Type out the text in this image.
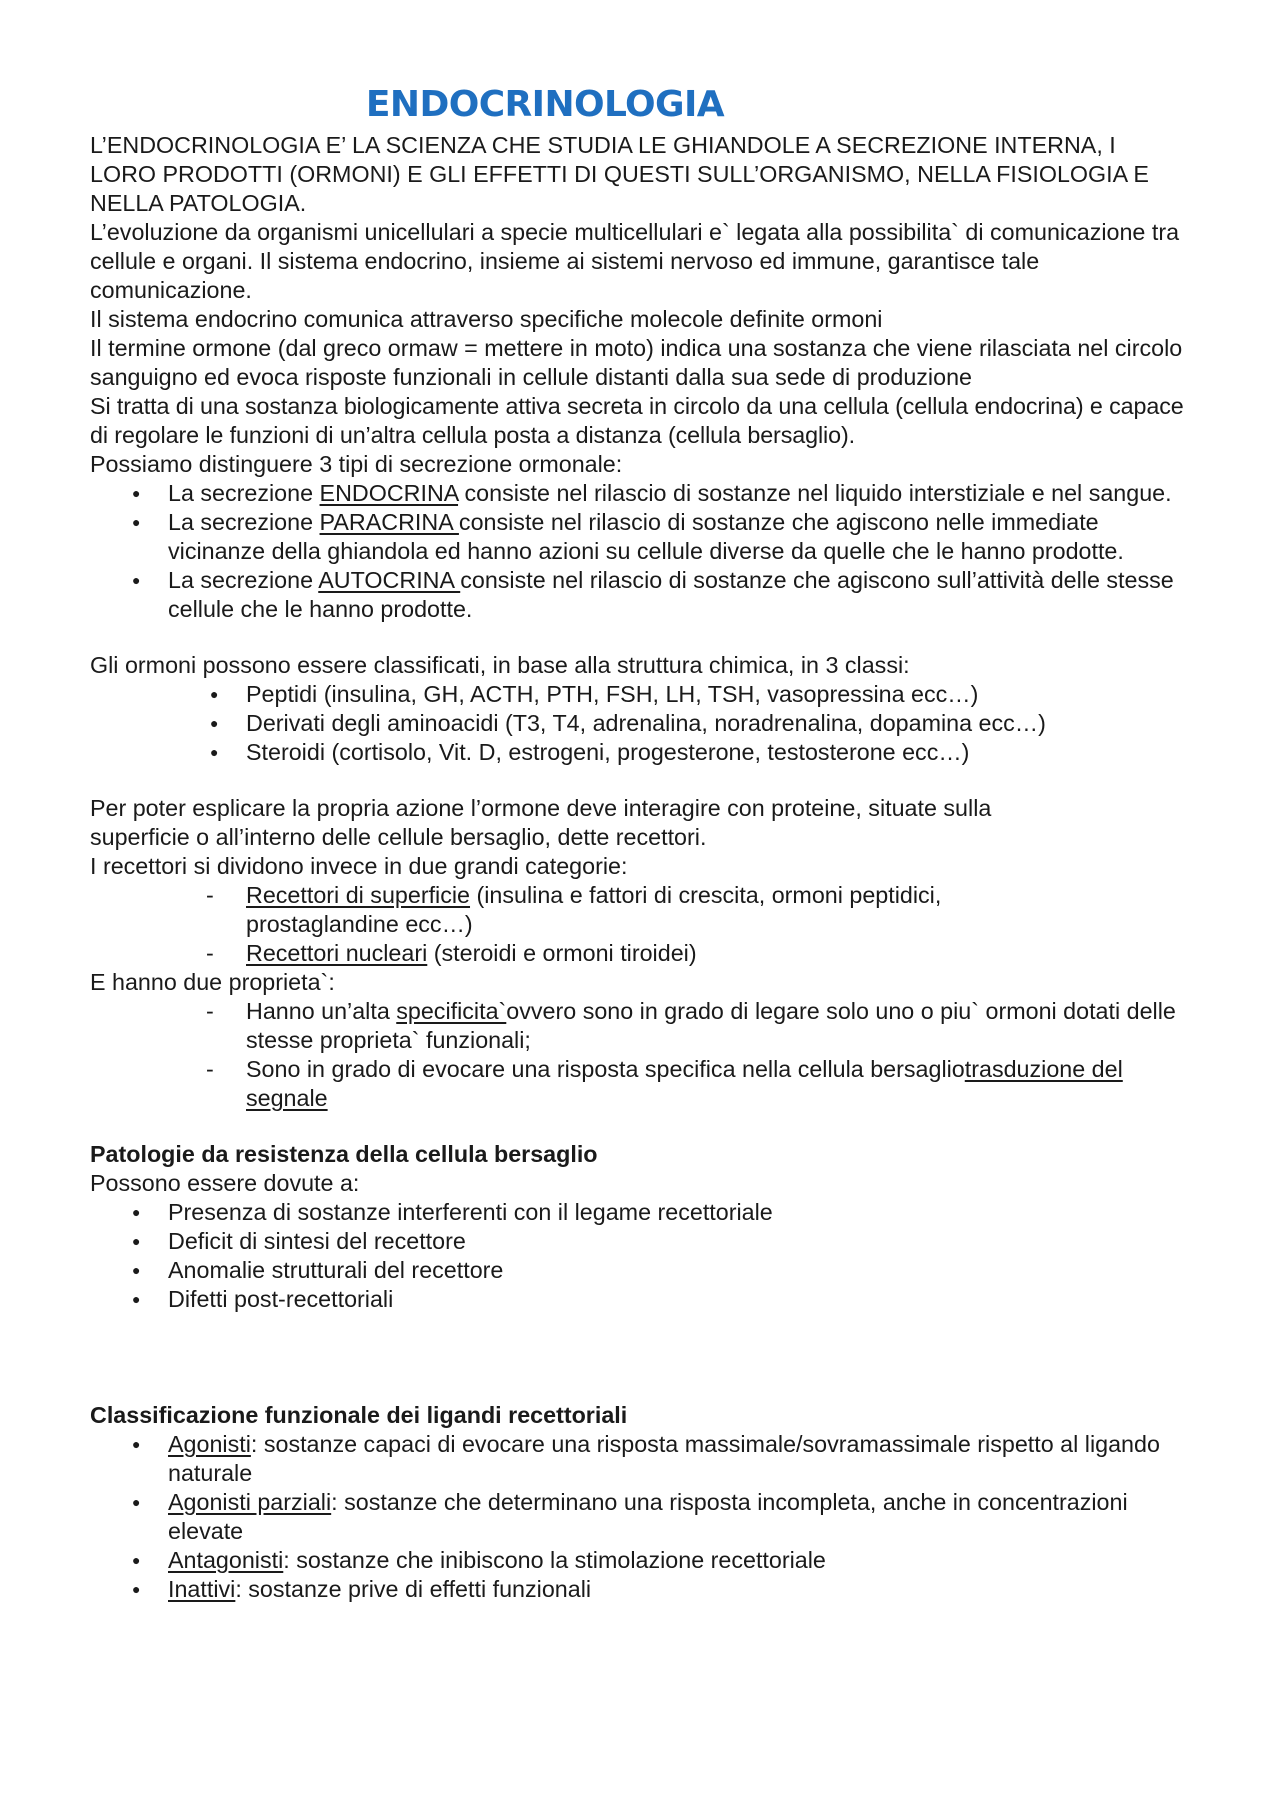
ENDOCRINOLOGIA

L’ENDOCRINOLOGIA E’ LA SCIENZA CHE STUDIA LE GHIANDOLE A SECREZIONE INTERNA, I LORO PRODOTTI (ORMONI) E GLI EFFETTI DI QUESTI SULL’ORGANISMO, NELLA FISIOLOGIA E NELLA PATOLOGIA.

L’evoluzione da organismi unicellulari a specie multicellulari e` legata alla possibilita` di comunicazione tra cellule e organi. Il sistema endocrino, insieme ai sistemi nervoso ed immune, garantisce tale comunicazione.

Il sistema endocrino comunica attraverso specifiche molecole definite ormoni

Il termine ormone (dal greco ormaw = mettere in moto) indica una sostanza che viene rilasciata nel circolo sanguigno ed evoca risposte funzionali in cellule distanti dalla sua sede di produzione

Si tratta di una sostanza biologicamente attiva secreta in circolo da una cellula (cellula endocrina) e capace di regolare le funzioni di un’altra cellula posta a distanza (cellula bersaglio).

Possiamo distinguere 3 tipi di secrezione ormonale:

● La secrezione ENDOCRINA consiste nel rilascio di sostanze nel liquido interstiziale e nel sangue.
● La secrezione PARACRINA consiste nel rilascio di sostanze che agiscono nelle immediate vicinanze della ghiandola ed hanno azioni su cellule diverse da quelle che le hanno prodotte.
● La secrezione AUTOCRINA consiste nel rilascio di sostanze che agiscono sull’attività delle stesse cellule che le hanno prodotte.

Gli ormoni possono essere classificati, in base alla struttura chimica, in 3 classi:

● Peptidi (insulina, GH, ACTH, PTH, FSH, LH, TSH, vasopressina ecc…)
● Derivati degli aminoacidi (T3, T4, adrenalina, noradrenalina, dopamina ecc…)
● Steroidi (cortisolo, Vit. D, estrogeni, progesterone, testosterone ecc…)

Per poter esplicare la propria azione l’ormone deve interagire con proteine, situate sulla superficie o all’interno delle cellule bersaglio, dette recettori.

I recettori si dividono invece in due grandi categorie:

- Recettori di superficie (insulina e fattori di crescita, ormoni peptidici, prostaglandine ecc…)
- Recettori nucleari (steroidi e ormoni tiroidei)

E hanno due proprieta`:

- Hanno un’alta specificita`ovvero sono in grado di legare solo uno o piu` ormoni dotati delle stesse proprieta` funzionali;
- Sono in grado di evocare una risposta specifica nella cellula bersagliotrasduzione del segnale

Patologie da resistenza della cellula bersaglio

Possono essere dovute a:

● Presenza di sostanze interferenti con il legame recettoriale
● Deficit di sintesi del recettore
● Anomalie strutturali del recettore
● Difetti post-recettoriali

Classificazione funzionale dei ligandi recettoriali

● Agonisti: sostanze capaci di evocare una risposta massimale/sovramassimale rispetto al ligando naturale
● Agonisti parziali: sostanze che determinano una risposta incompleta, anche in concentrazioni elevate
● Antagonisti: sostanze che inibiscono la stimolazione recettoriale
● Inattivi: sostanze prive di effetti funzionali
